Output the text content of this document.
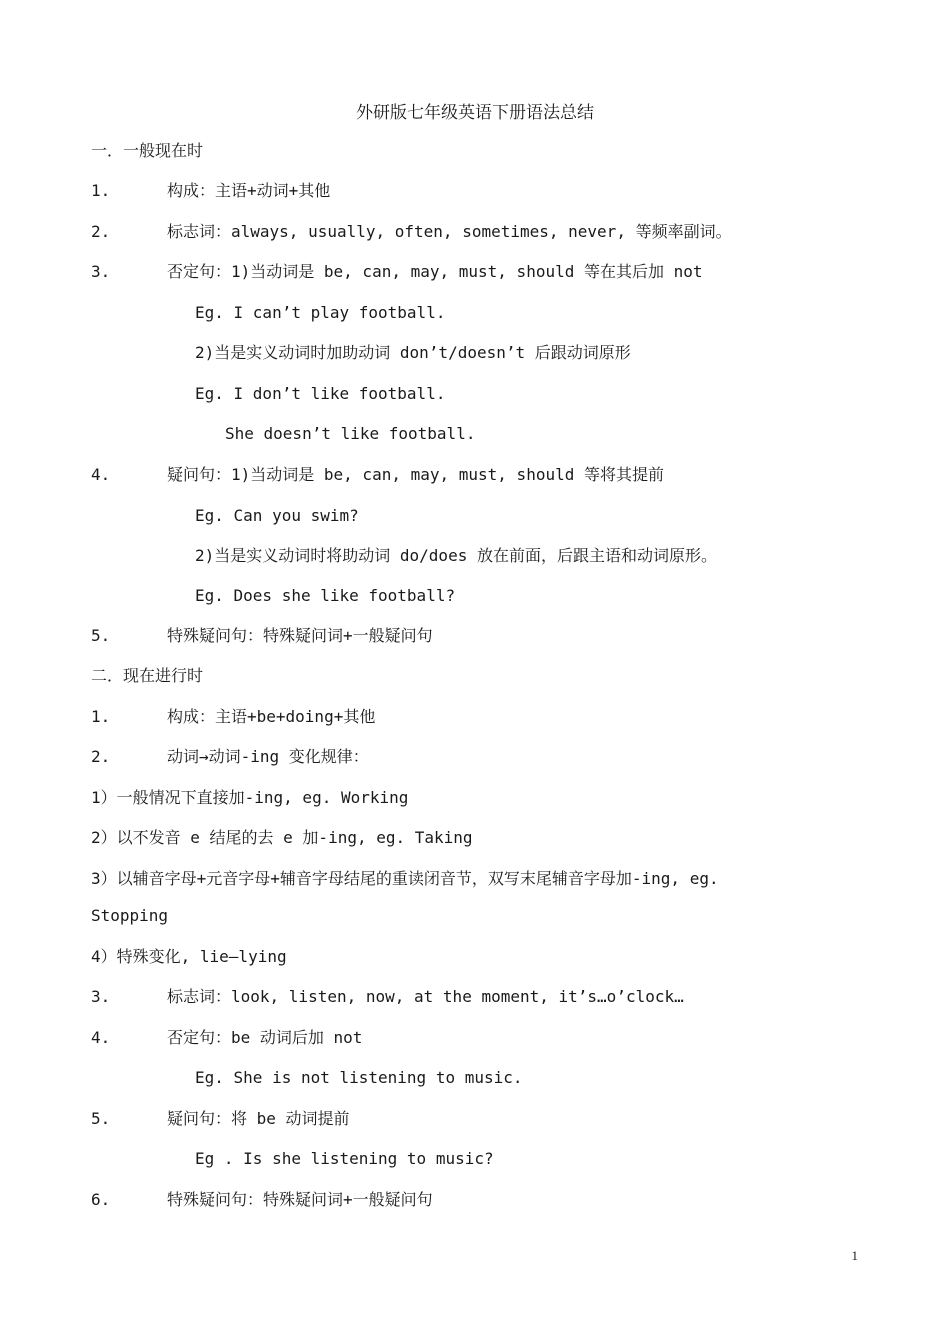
外研版七年级英语下册语法总结
一．一般现在时
1.	构成：主语+动词+其他
2.	标志词：always, usually, often, sometimes, never, 等频率副词。
3.	否定句：1)当动词是 be, can, may, must, should 等在其后加 not
Eg. I can’t play football.
2)当是实义动词时加助动词 don’t/doesn’t 后跟动词原形
Eg. I don’t like football.
She doesn’t like football.
4.	疑问句：1)当动词是 be, can, may, must, should 等将其提前
Eg. Can you swim?
2)当是实义动词时将助动词 do/does 放在前面，后跟主语和动词原形。
Eg. Does she like football?
5.	特殊疑问句：特殊疑问词+一般疑问句
二．现在进行时
1.	构成：主语+be+doing+其他
2.	动词→动词-ing 变化规律：
1）一般情况下直接加-ing, eg. Working
2）以不发音 e 结尾的去 e 加-ing, eg. Taking
3）以辅音字母+元音字母+辅音字母结尾的重读闭音节，双写末尾辅音字母加-ing, eg.
Stopping
4）特殊变化, lie—lying
3.	标志词：look, listen, now, at the moment, it’s…o’clock…
4.	否定句：be 动词后加 not
Eg. She is not listening to music.
5.	疑问句：将 be 动词提前
Eg . Is she listening to music?
6.	特殊疑问句：特殊疑问词+一般疑问句
1
